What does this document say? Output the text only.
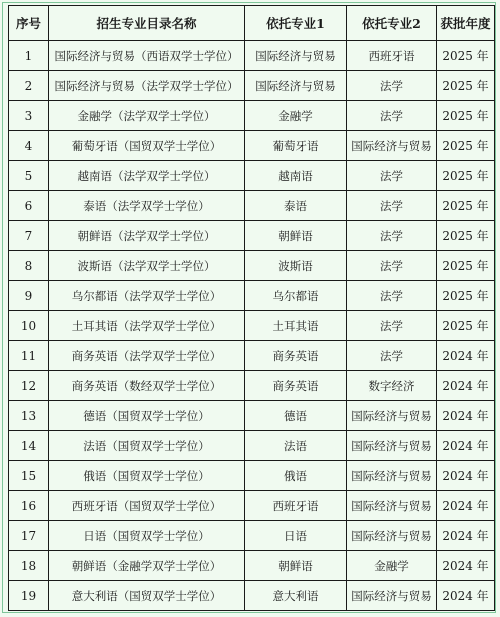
序号	招生专业目录名称	依托专业1	依托专业2	获批年度
1	国际经济与贸易（西语双学士学位）	国际经济与贸易	西班牙语	2025 年
2	国际经济与贸易（法学双学士学位）	国际经济与贸易	法学	2025 年
3	金融学（法学双学士学位）	金融学	法学	2025 年
4	葡萄牙语（国贸双学士学位）	葡萄牙语	国际经济与贸易	2025 年
5	越南语（法学双学士学位）	越南语	法学	2025 年
6	泰语（法学双学士学位）	泰语	法学	2025 年
7	朝鲜语（法学双学士学位）	朝鲜语	法学	2025 年
8	波斯语（法学双学士学位）	波斯语	法学	2025 年
9	乌尔都语（法学双学士学位）	乌尔都语	法学	2025 年
10	土耳其语（法学双学士学位）	土耳其语	法学	2025 年
11	商务英语（法学双学士学位）	商务英语	法学	2024 年
12	商务英语（数经双学士学位）	商务英语	数字经济	2024 年
13	德语（国贸双学士学位）	德语	国际经济与贸易	2024 年
14	法语（国贸双学士学位）	法语	国际经济与贸易	2024 年
15	俄语（国贸双学士学位）	俄语	国际经济与贸易	2024 年
16	西班牙语（国贸双学士学位）	西班牙语	国际经济与贸易	2024 年
17	日语（国贸双学士学位）	日语	国际经济与贸易	2024 年
18	朝鲜语（金融学双学士学位）	朝鲜语	金融学	2024 年
19	意大利语（国贸双学士学位）	意大利语	国际经济与贸易	2024 年
